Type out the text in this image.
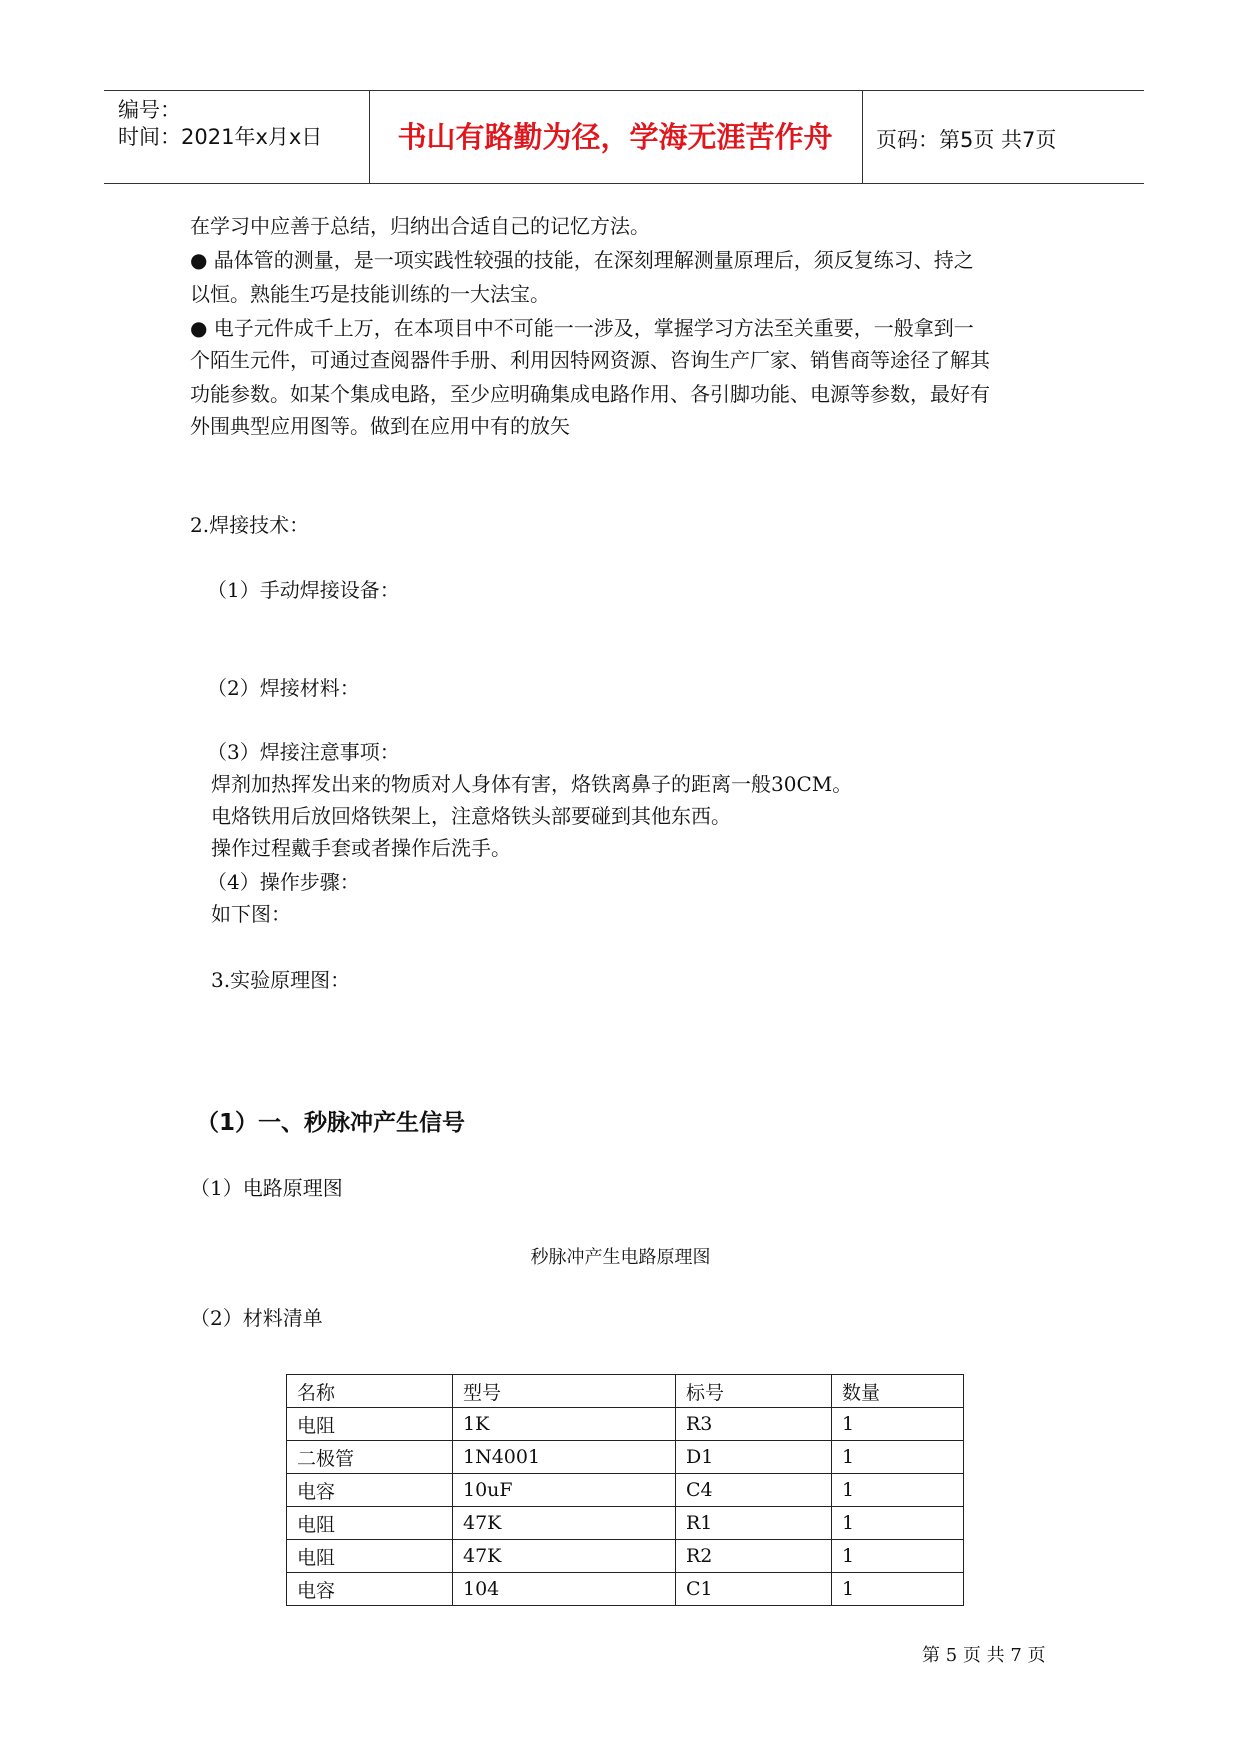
编号：
时间：2021年x月x日	书山有路勤为径，学海无涯苦作舟	页码：第5页 共7页
在学习中应善于总结，归纳出合适自己的记忆方法。
● 晶体管的测量，是一项实践性较强的技能，在深刻理解测量原理后，须反复练习、持之
以恒。熟能生巧是技能训练的一大法宝。
● 电子元件成千上万，在本项目中不可能一一涉及，掌握学习方法至关重要，一般拿到一
个陌生元件，可通过查阅器件手册、利用因特网资源、咨询生产厂家、销售商等途径了解其
功能参数。如某个集成电路，至少应明确集成电路作用、各引脚功能、电源等参数，最好有
外围典型应用图等。做到在应用中有的放矢
2.焊接技术：
（1）手动焊接设备：
（2）焊接材料：
（3）焊接注意事项：
焊剂加热挥发出来的物质对人身体有害，烙铁离鼻子的距离一般30CM。
电烙铁用后放回烙铁架上，注意烙铁头部要碰到其他东西。
操作过程戴手套或者操作后洗手。
（4）操作步骤：
如下图：
3.实验原理图：
（1）一、秒脉冲产生信号
（1）电路原理图
秒脉冲产生电路原理图
（2）材料清单
名称	型号	标号	数量
电阻	1K	R3	1
二极管	1N4001	D1	1
电容	10uF	C4	1
电阻	47K	R1	1
电阻	47K	R2	1
电容	104	C1	1
第 5 页 共 7 页
